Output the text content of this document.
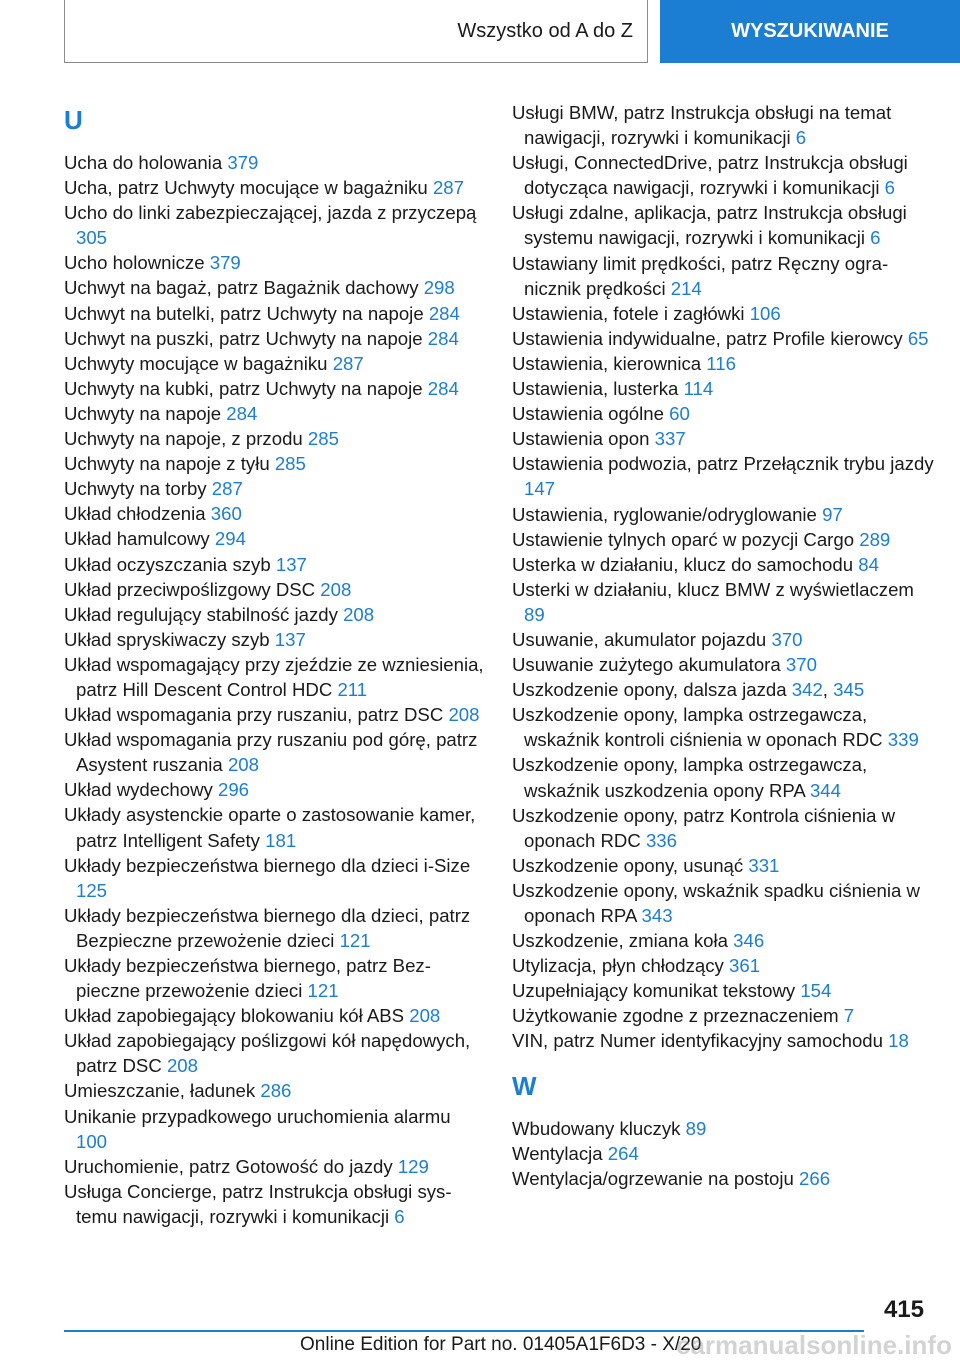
Wszystko od A do Z	WYSZUKIWANIE
U
Ucha do holowania 379
Ucha, patrz Uchwyty mocujące w bagażniku 287
Ucho do linki zabezpieczającej, jazda z przyczepą 305
Ucho holownicze 379
Uchwyt na bagaż, patrz Bagażnik dachowy 298
Uchwyt na butelki, patrz Uchwyty na napoje 284
Uchwyt na puszki, patrz Uchwyty na napoje 284
Uchwyty mocujące w bagażniku 287
Uchwyty na kubki, patrz Uchwyty na napoje 284
Uchwyty na napoje 284
Uchwyty na napoje, z przodu 285
Uchwyty na napoje z tyłu 285
Uchwyty na torby 287
Układ chłodzenia 360
Układ hamulcowy 294
Układ oczyszczania szyb 137
Układ przeciwpoślizgowy DSC 208
Układ regulujący stabilność jazdy 208
Układ spryskiwaczy szyb 137
Układ wspomagający przy zjeździe ze wzniesienia, patrz Hill Descent Control HDC 211
Układ wspomagania przy ruszaniu, patrz DSC 208
Układ wspomagania przy ruszaniu pod górę, patrz Asystent ruszania 208
Układ wydechowy 296
Układy asystenckie oparte o zastosowanie kamer, patrz Intelligent Safety 181
Układy bezpieczeństwa biernego dla dzieci i-Size 125
Układy bezpieczeństwa biernego dla dzieci, patrz Bezpieczne przewożenie dzieci 121
Układy bezpieczeństwa biernego, patrz Bezpieczne przewożenie dzieci 121
Układ zapobiegający blokowaniu kół ABS 208
Układ zapobiegający poślizgowi kół napędowych, patrz DSC 208
Umieszczanie, ładunek 286
Unikanie przypadkowego uruchomienia alarmu 100
Uruchomienie, patrz Gotowość do jazdy 129
Usługa Concierge, patrz Instrukcja obsługi systemu nawigacji, rozrywki i komunikacji 6
Usługi BMW, patrz Instrukcja obsługi na temat nawigacji, rozrywki i komunikacji 6
Usługi, ConnectedDrive, patrz Instrukcja obsługi dotycząca nawigacji, rozrywki i komunikacji 6
Usługi zdalne, aplikacja, patrz Instrukcja obsługi systemu nawigacji, rozrywki i komunikacji 6
Ustawiany limit prędkości, patrz Ręczny ogranicznik prędkości 214
Ustawienia, fotele i zagłówki 106
Ustawienia indywidualne, patrz Profile kierowcy 65
Ustawienia, kierownica 116
Ustawienia, lusterka 114
Ustawienia ogólne 60
Ustawienia opon 337
Ustawienia podwozia, patrz Przełącznik trybu jazdy 147
Ustawienia, ryglowanie/odryglowanie 97
Ustawienie tylnych oparć w pozycji Cargo 289
Usterka w działaniu, klucz do samochodu 84
Usterki w działaniu, klucz BMW z wyświetlaczem 89
Usuwanie, akumulator pojazdu 370
Usuwanie zużytego akumulatora 370
Uszkodzenie opony, dalsza jazda 342, 345
Uszkodzenie opony, lampka ostrzegawcza, wskaźnik kontroli ciśnienia w oponach RDC 339
Uszkodzenie opony, lampka ostrzegawcza, wskaźnik uszkodzenia opony RPA 344
Uszkodzenie opony, patrz Kontrola ciśnienia w oponach RDC 336
Uszkodzenie opony, usunąć 331
Uszkodzenie opony, wskaźnik spadku ciśnienia w oponach RPA 343
Uszkodzenie, zmiana koła 346
Utylizacja, płyn chłodzący 361
Uzupełniający komunikat tekstowy 154
Użytkowanie zgodne z przeznaczeniem 7
VIN, patrz Numer identyfikacyjny samochodu 18
W
Wbudowany kluczyk 89
Wentylacja 264
Wentylacja/ogrzewanie na postoju 266
415
Online Edition for Part no. 01405A1F6D3 - X/20
carmanualsonline.info
